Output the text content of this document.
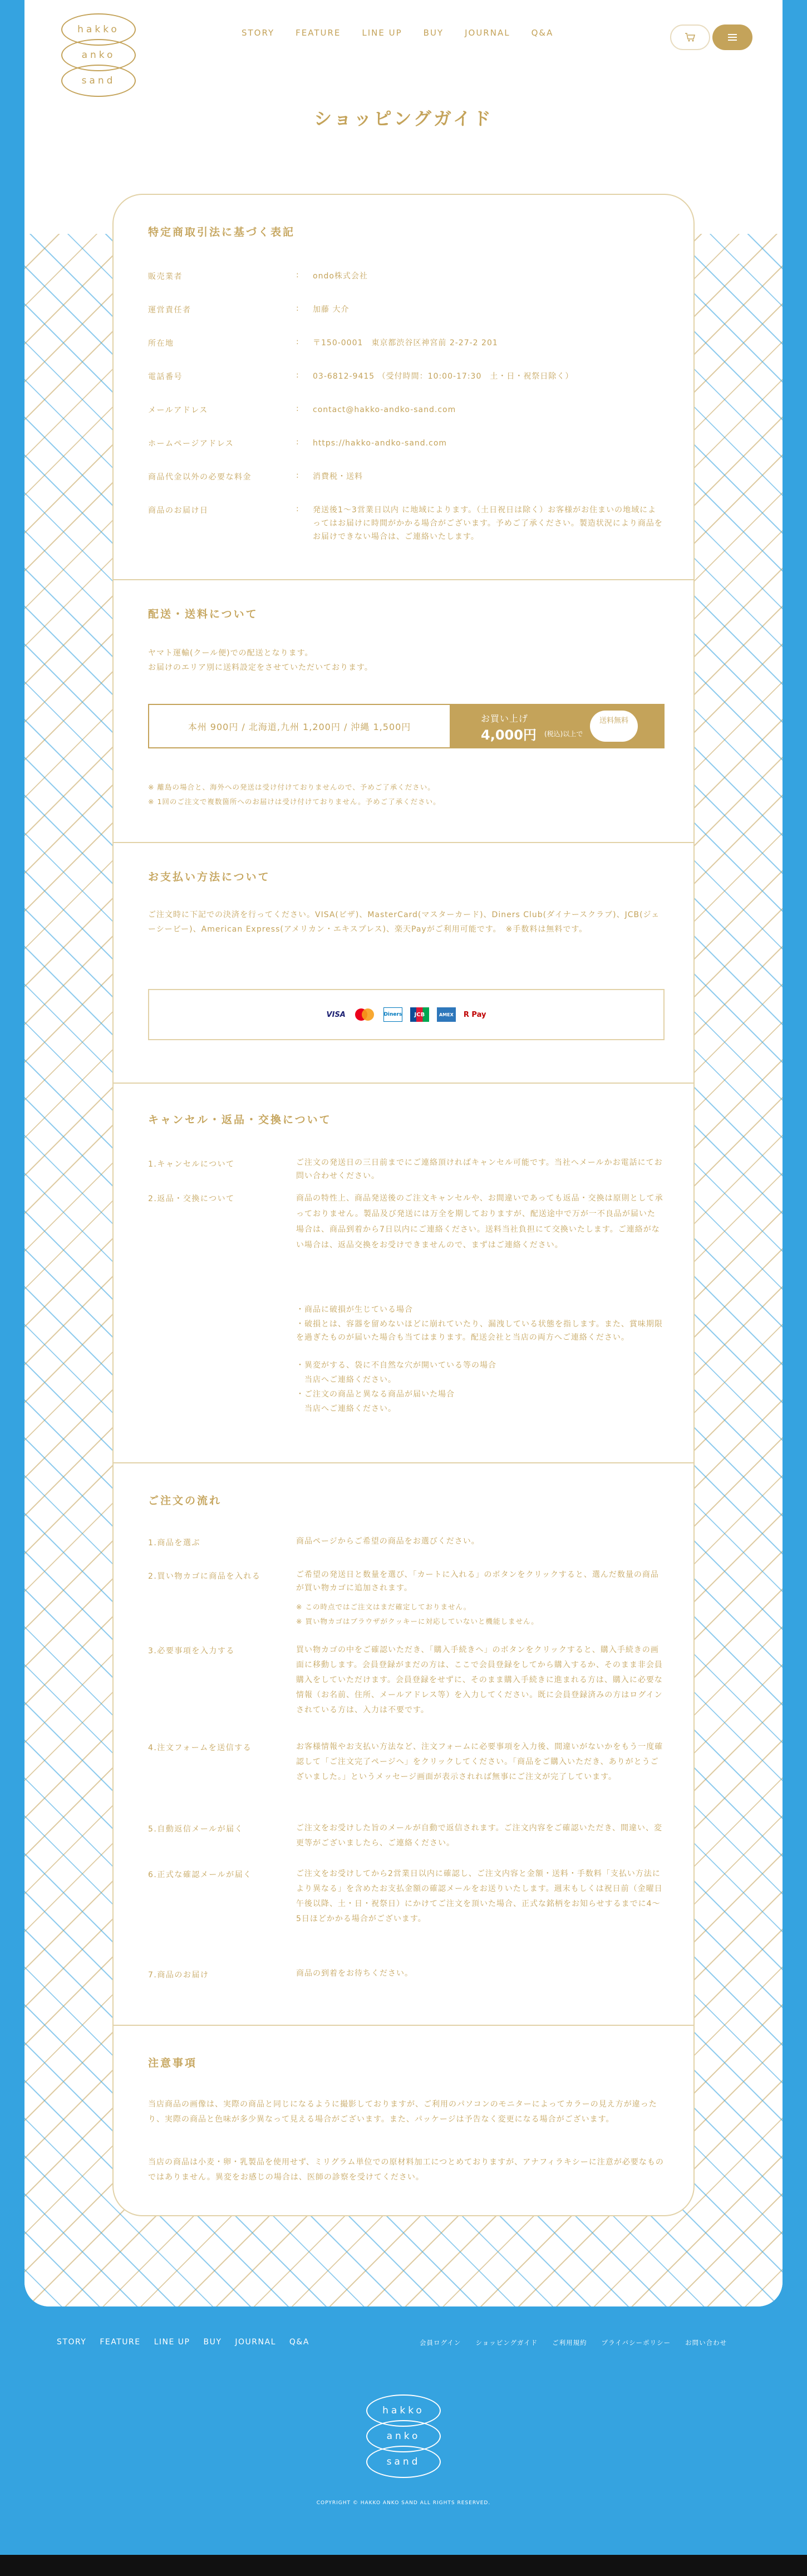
hakko
anko
sand
STORY	FEATURE	LINE UP	BUY	JOURNAL	Q&A
ショッピングガイド
特定商取引法に基づく表記
販売業者	: ondo株式会社
運営責任者	: 加藤 大介
所在地	: 〒150-0001　東京都渋谷区神宮前 2-27-2 201
電話番号	: 03-6812-9415 （受付時間：10:00-17:30　土・日・祝祭日除く）
メールアドレス	: contact@hakko-andko-sand.com
ホームページアドレス	: https://hakko-andko-sand.com
商品代金以外の必要な料金	: 消費税・送料
商品のお届け日	: 発送後1〜3営業日以内 に地域によります。（土日祝日は除く）お客様がお住まいの地域によってはお届けに時間がかかる場合がございます。予めご了承ください。製造状況により商品をお届けできない場合は、ご連絡いたします。
配送・送料について

ヤマト運輸(クール便)での配送となります。

お届けのエリア別に送料設定をさせていただいております。

本州 900円 / 北海道,九州 1,200円 / 沖縄 1,500円
お買い上げ
4,000円 (税込)以上で
送料無料

※ 離島の場合と、海外への発送は受け付けておりませんので、予めご了承ください。

※ 1回のご注文で複数箇所へのお届けは受け付けておりません。予めご了承ください。

お支払い方法について

ご注文時に下記での決済を行ってください。VISA(ビザ)、MasterCard(マスターカード)、Diners Club(ダイナースクラブ)、JCB(ジェーシービー)、American Express(アメリカン・エキスプレス)、楽天Payがご利用可能です。　※手数料は無料です。

VISA	Diners	JCB	AMEX	R Pay
キャンセル・返品・交換について
1.キャンセルについて	ご注文の発送日の三日前までにご連絡頂ければキャンセル可能です。当社へメールかお電話にてお問い合わせください。
2.返品・交換について	商品の特性上、商品発送後のご注文キャンセルや、お間違いであっても返品・交換は原則として承っておりません。製品及び発送には万全を期しておりますが、配送途中で万が一不良品が届いた場合は、商品到着から7日以内にご連絡ください。送料当社負担にて交換いたします。ご連絡がない場合は、返品交換をお受けできませんので、まずはご連絡ください。
・商品に破損が生じている場合
・破損とは、容器を留めないほどに崩れていたり、漏洩している状態を指します。また、賞味期限を過ぎたものが届いた場合も当てはまります。配送会社と当店の両方へご連絡ください。
・異変がする、袋に不自然な穴が開いている等の場合
　当店へご連絡ください。
・ご注文の商品と異なる商品が届いた場合
　当店へご連絡ください。
ご注文の流れ
1.商品を選ぶ	商品ページからご希望の商品をお選びください。
2.買い物カゴに商品を入れる	ご希望の発送日と数量を選び、「カートに入れる」のボタンをクリックすると、選んだ数量の商品が買い物カゴに追加されます。
※ この時点ではご注文はまだ確定しておりません。
※ 買い物カゴはブラウザがクッキーに対応していないと機能しません。
3.必要事項を入力する	買い物カゴの中をご確認いただき、「購入手続きへ」のボタンをクリックすると、購入手続きの画面に移動します。会員登録がまだの方は、ここで会員登録をしてから購入するか、そのまま非会員購入をしていただけます。会員登録をせずに、そのまま購入手続きに進まれる方は、購入に必要な情報（お名前、住所、メールアドレス等）を入力してください。既に会員登録済みの方はログインされている方は、入力は不要です。
4.注文フォームを送信する	お客様情報やお支払い方法など、注文フォームに必要事項を入力後、間違いがないかをもう一度確認して「ご注文完了ページへ」をクリックしてください。「商品をご購入いただき、ありがとうございました。」というメッセージ画面が表示されれば無事にご注文が完了しています。
5.自動返信メールが届く	ご注文をお受けした旨のメールが自動で返信されます。ご注文内容をご確認いただき、間違い、変更等がございましたら、ご連絡ください。
6.正式な確認メールが届く	ご注文をお受けしてから2営業日以内に確認し、ご注文内容と金額・送料・手数料「支払い方法により異なる」を含めたお支払金額の確認メールをお送りいたします。週末もしくは祝日前（金曜日午後以降、土・日・祝祭日）にかけてご注文を頂いた場合、正式な銘柄をお知らせするまでに4〜5日ほどかかる場合がございます。
7.商品のお届け	商品の到着をお待ちください。
注意事項

当店商品の画像は、実際の商品と同じになるように撮影しておりますが、ご利用のパソコンのモニターによってカラーの見え方が違ったり、実際の商品と色味が多少異なって見える場合がございます。また、パッケージは予告なく変更になる場合がございます。

当店の商品は小麦・卵・乳製品を使用せず、ミリグラム単位での原材料加工につとめておりますが、アナフィラキシーに注意が必要なものではありません。異変をお感じの場合は、医師の診察を受けてください。

STORY FEATURE LINE UP BUY JOURNAL Q&A	会員ログイン ショッピングガイド ご利用規約 プライバシーポリシー お問い合わせ
hakko
anko
sand
COPYRIGHT © HAKKO ANKO SAND ALL RIGHTS RESERVED.
